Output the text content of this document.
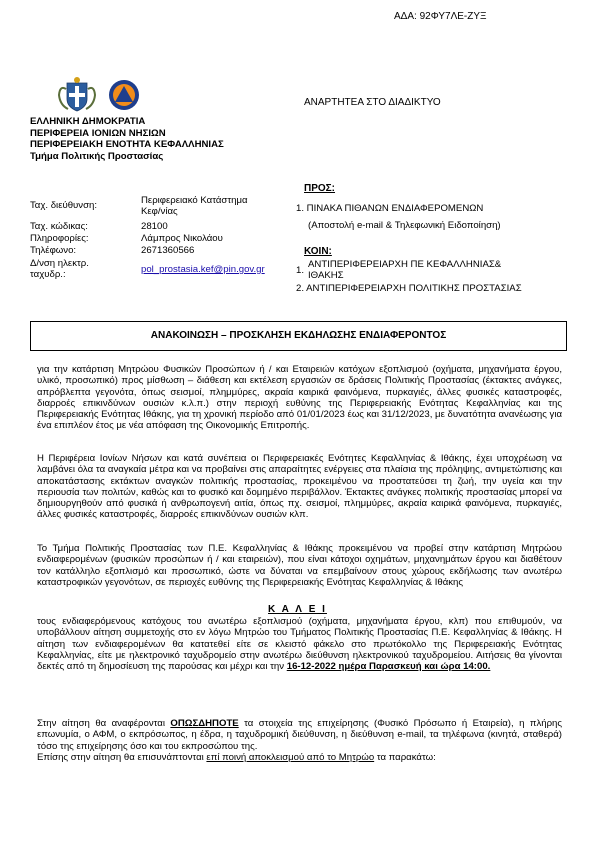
ΑΔΑ: 92ΦΥ7ΛΕ-ΖΥΞ
ΕΛΛΗΝΙΚΗ ΔΗΜΟΚΡΑΤΙΑ
ΠΕΡΙΦΕΡΕΙΑ ΙΟΝΙΩΝ ΝΗΣΙΩΝ
ΠΕΡΙΦΕΡΕΙΑΚΗ ΕΝΟΤΗΤΑ ΚΕΦΑΛΛΗΝΙΑΣ
Τμήμα Πολιτικής Προστασίας
ΑΝΑΡΤΗΤΕΑ ΣΤΟ ΔΙΑΔΙΚΤΥΟ
Ταχ. διεύθυνση:	Περιφερειακό Κατάστημα
Κεφ/νίας
Ταχ. κώδικας:	28100
Πληροφορίες:	Λάμπρος Νικολάου
Τηλέφωνο:	2671360566
Δ/νση ηλεκτρ.
ταχυδρ.:	pol_prostasia.kef@pin.gov.gr
ΠΡΟΣ:
1. ΠΙΝΑΚΑ ΠΙΘΑΝΩΝ ΕΝΔΙΑΦΕΡΟΜΕΝΩΝ
(Αποστολή e-mail & Τηλεφωνική Ειδοποίηση)
ΚΟΙΝ:
1.
ΑΝΤΙΠΕΡΙΦΕΡΕΙΑΡΧΗ ΠΕ ΚΕΦΑΛΛΗΝΙΑΣ&
ΙΘΑΚΗΣ
2. ΑΝΤΙΠΕΡΙΦΕΡΕΙΑΡΧΗ ΠΟΛΙΤΙΚΗΣ ΠΡΟΣΤΑΣΙΑΣ
ΑΝΑΚΟΙΝΩΣΗ – ΠΡΟΣΚΛΗΣΗ ΕΚΔΗΛΩΣΗΣ ΕΝΔΙΑΦΕΡΟΝΤΟΣ
για την κατάρτιση Μητρώου Φυσικών Προσώπων ή / και Εταιρειών κατόχων εξοπλισμού (οχήματα, μηχανήματα έργου, υλικό, προσωπικό) προς μίσθωση – διάθεση και εκτέλεση εργασιών σε δράσεις Πολιτικής Προστασίας (έκτακτες ανάγκες, απρόβλεπτα γεγονότα, όπως σεισμοί, πλημμύρες, ακραία καιρικά φαινόμενα, πυρκαγιές, άλλες φυσικές καταστροφές, διαρροές επικινδύνων ουσιών κ.λ.π.) στην περιοχή ευθύνης της Περιφερειακής Ενότητας Κεφαλληνίας και της Περιφερειακής Ενότητας Ιθάκης, για τη χρονική περίοδο από 01/01/2023 έως και 31/12/2023, με δυνατότητα ανανέωσης για ένα επιπλέον έτος με νέα απόφαση της Οικονομικής Επιτροπής.
Η Περιφέρεια Ιονίων Νήσων και κατά συνέπεια οι Περιφερειακές Ενότητες Κεφαλληνίας & Ιθάκης, έχει υποχρέωση να λαμβάνει όλα τα αναγκαία μέτρα και να προβαίνει στις απαραίτητες ενέργειες στα πλαίσια της πρόληψης, αντιμετώπισης και αποκατάστασης εκτάκτων αναγκών πολιτικής προστασίας, προκειμένου να προστατεύσει τη ζωή, την υγεία και την περιουσία των πολιτών, καθώς και το φυσικό και δομημένο περιβάλλον. Έκτακτες ανάγκες πολιτικής προστασίας μπορεί να δημιουργηθούν από φυσικά ή ανθρωπογενή αιτία, όπως πχ. σεισμοί, πλημμύρες, ακραία καιρικά φαινόμενα, πυρκαγιές, άλλες φυσικές καταστροφές, διαρροές επικινδύνων ουσιών κλπ.
Το Τμήμα Πολιτικής Προστασίας των Π.Ε. Κεφαλληνίας & Ιθάκης προκειμένου να προβεί στην κατάρτιση Μητρώου ενδιαφερομένων (φυσικών προσώπων ή / και εταιρειών), που είναι κάτοχοι οχημάτων, μηχανημάτων έργου και διαθέτουν τον κατάλληλο εξοπλισμό και προσωπικό, ώστε να δύναται να επεμβαίνουν στους χώρους εκδήλωσης των ανωτέρω καταστροφικών γεγονότων, σε περιοχές ευθύνης της Περιφερειακής Ενότητας Κεφαλληνίας & Ιθάκης
Κ Α Λ Ε Ι
τους ενδιαφερόμενους κατόχους του ανωτέρω εξοπλισμού (οχήματα, μηχανήματα έργου, κλπ) που επιθυμούν, να υποβάλλουν αίτηση συμμετοχής στο εν λόγω Μητρώο του Τμήματος Πολιτικής Προστασίας Π.Ε. Κεφαλληνίας & Ιθάκης. Η αίτηση των ενδιαφερομένων θα κατατεθεί είτε σε κλειστό φάκελο στο πρωτόκολλο της Περιφερειακής Ενότητας Κεφαλληνίας, είτε με ηλεκτρονικό ταχυδρομείο στην ανωτέρω διεύθυνση ηλεκτρονικού ταχυδρομείου. Αιτήσεις θα γίνονται δεκτές από τη δημοσίευση της παρούσας και μέχρι και την 16-12-2022 ημέρα Παρασκευή και ώρα 14:00.
Στην αίτηση θα αναφέρονται ΟΠΩΣΔΗΠΟΤΕ τα στοιχεία της επιχείρησης (Φυσικό Πρόσωπο ή Εταιρεία), η πλήρης επωνυμία, ο ΑΦΜ, ο εκπρόσωπος, η έδρα, η ταχυδρομική διεύθυνση, η διεύθυνση e-mail, τα τηλέφωνα (κινητά, σταθερά) τόσο της επιχείρησης όσο και του εκπροσώπου της.
Επίσης στην αίτηση θα επισυνάπτονται επί ποινή αποκλεισμού από το Μητρώο τα παρακάτω:
